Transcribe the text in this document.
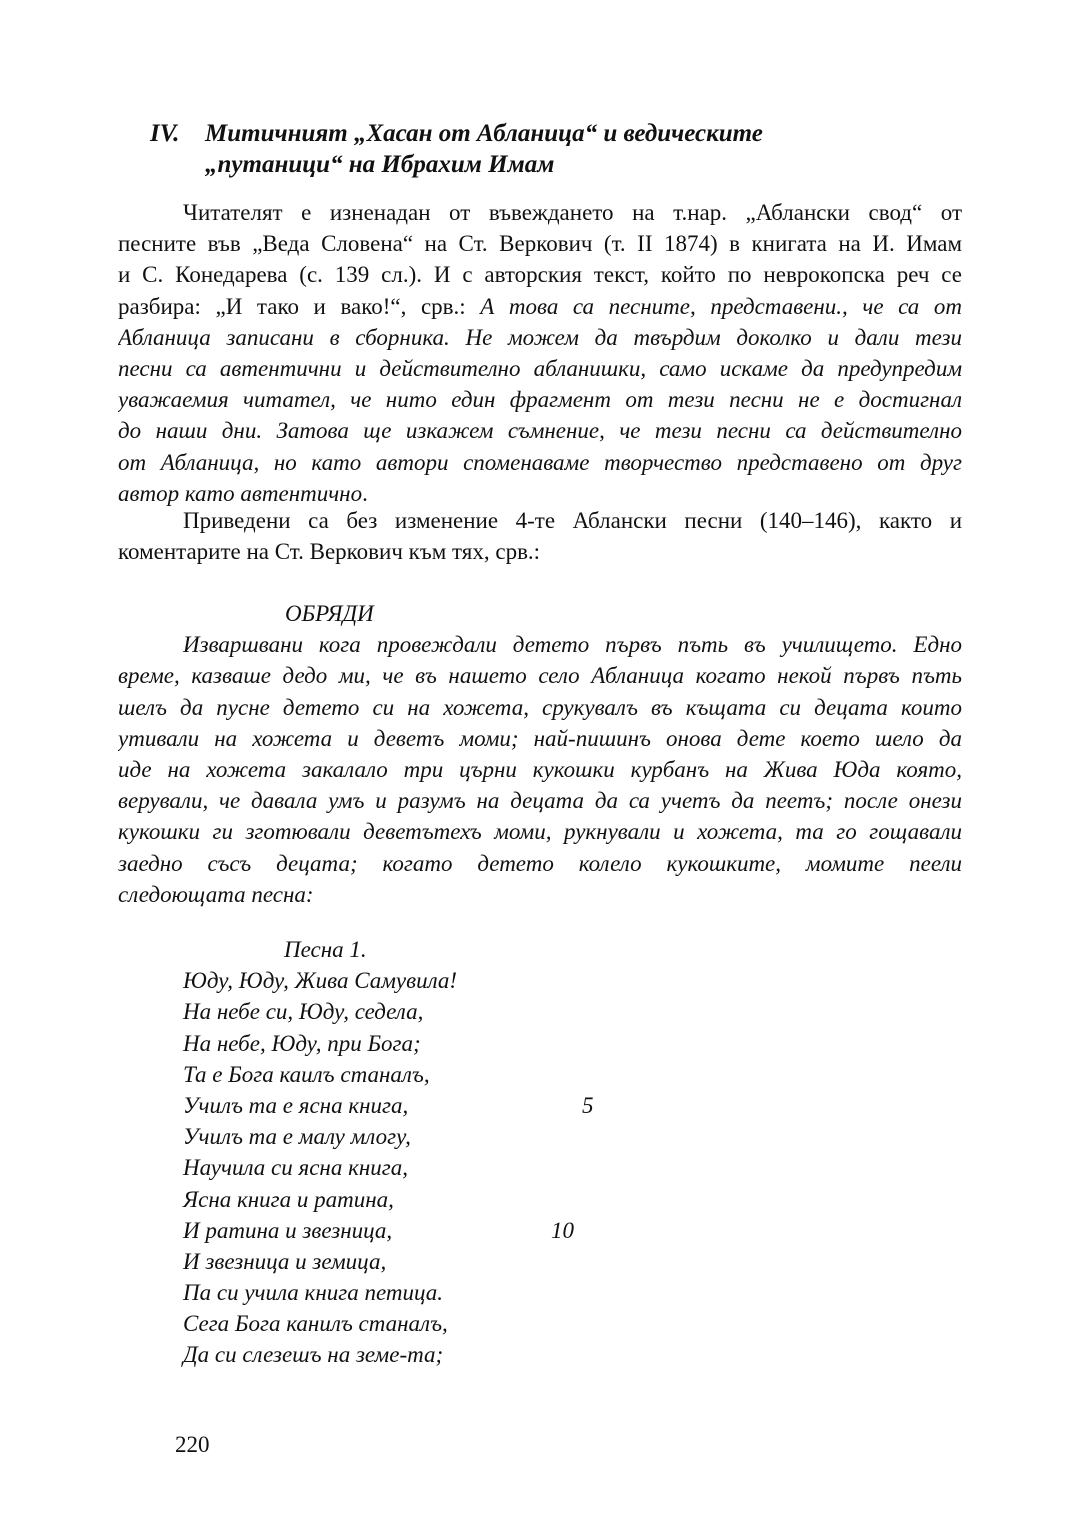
IV. Митичният „Хасан от Абланица“ и ведическите
„путаници“ на Ибрахим Имам
Читателят е изненадан от въвеждането на т.нар. „Аблански свод“ от
песните във „Веда Словена“ на Ст. Веркович (т. II 1874) в книгата на И. Имам
и С. Конедарева (с. 139 сл.). И с авторския текст, който по неврокопска реч се
разбира: „И тако и вако!“, срв.: А това са песните, представени., че са от
Абланица записани в сборника. Не можем да твърдим доколко и дали тези
песни са автентични и действително абланишки, само искаме да предупредим
уважаемия читател, че нито един фрагмент от тези песни не е достигнал
до наши дни. Затова ще изкажем съмнение, че тези песни са действително
от Абланица, но като автори споменаваме творчество представено от друг
автор като автентично.
Приведени са без изменение 4-те Аблански песни (140–146), както и
коментарите на Ст. Веркович към тях, срв.:
ОБРЯДИ
Изваршвани кога провеждали детето първъ пъть въ училището. Едно
време, казваше дедо ми, че въ нашето село Абланица когато некой първъ пъть
шелъ да пусне детето си на хожета, срукувалъ въ къщата си децата които
утивали на хожета и деветъ моми; най-пишинъ онова дете което шело да
иде на хожета закалало три църни кукошки курбанъ на Жива Юда която,
верували, че давала умъ и разумъ на децата да са учетъ да пеетъ; после онези
кукошки ги зготювали деветътехъ моми, рукнували и хожета, та го гощавали
заедно съсъ децата; когато детето колело кукошките, момите пеели
следоющата песна:
Песна 1.
Юду, Юду, Жива Самувила!
На небе си, Юду, седела,
На небе, Юду, при Бога;
Та е Бога каилъ станалъ,
Училъ та е ясна книга,	5
Училъ та е малу млогу,
Научила си ясна книга,
Ясна книга и ратина,
И ратина и звезница,	10
И звезница и земица,
Па си учила книга петица.
Сега Бога канилъ станалъ,
Да си слезешъ на земе-та;
220
